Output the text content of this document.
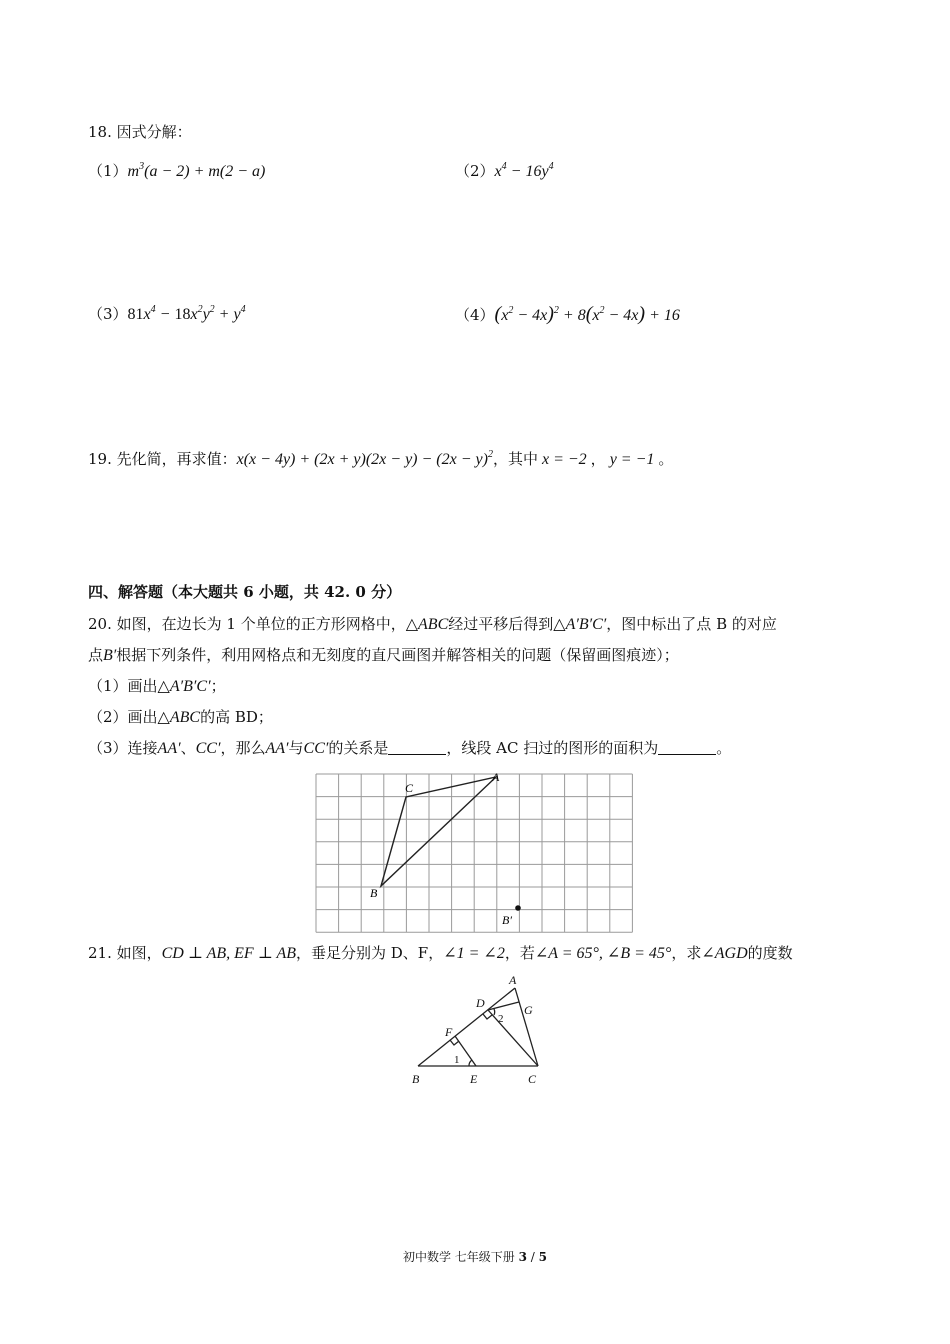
18. 因式分解：
$(1)m^3(a - 2) + m(2 - a)$	$(2)x^4 - 16y^4$
$(3)81x^4 - 18x^2y^2 + y^4$	$(4)(x^2 - 4x)^2 + 8(x^2 - 4x) + 16$
19. 先化简，再求值：$x(x - 4y) + (2x + y)(2x - y) - (2x - y)^2$，其中 x = −2 ， y = −1 。
四、解答题（本大题共 6 小题，共 42. 0 分）
20. 如图，在边长为 1 个单位的正方形网格中，△ABC经过平移后得到△A′B′C′，图中标出了点 B 的对应
点B′根据下列条件，利用网格点和无刻度的直尺画图并解答相关的问题（保留画图痕迹）；
（1）画出△A′B′C′；
（2）画出△ABC的高 BD；
（3）连接AA′、CC′，那么AA′与CC′的关系是	，线段 AC 扫过的图形的面积为	。
A
C
B
B′
21. 如图，CD ⊥ AB, EF ⊥ AB，垂足分别为 D、F，∠1 = ∠2，若∠A = 65°, ∠B = 45°，求∠AGD的度数
A
D	G
F
B	E	C
1
2
初中数学 七年级下册 3 / 5
